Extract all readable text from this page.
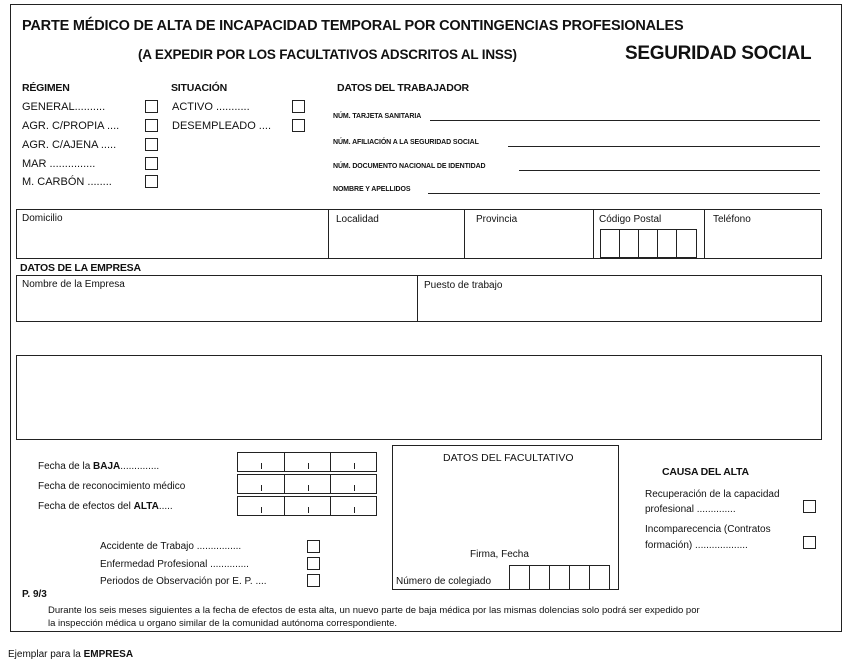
PARTE MÉDICO DE ALTA DE INCAPACIDAD TEMPORAL POR CONTINGENCIAS PROFESIONALES
(A EXPEDIR POR LOS FACULTATIVOS ADSCRITOS AL INSS)	SEGURIDAD SOCIAL
RÉGIMEN
GENERAL..........
AGR. C/PROPIA ....
AGR. C/AJENA .....
MAR ...............
M. CARBÓN ........
SITUACIÓN
ACTIVO ...........
DESEMPLEADO ....
DATOS DEL TRABAJADOR
NÚM. TARJETA SANITARIA
NÚM. AFILIACIÓN A LA SEGURIDAD SOCIAL
NÚM. DOCUMENTO NACIONAL DE IDENTIDAD
NOMBRE Y APELLIDOS
Domicilio	Localidad	Provincia	Código Postal	Teléfono
DATOS DE LA EMPRESA
Nombre de la Empresa	Puesto de trabajo
Fecha de la BAJA..............
Fecha de reconocimiento médico
Fecha de efectos del ALTA.....
Accidente de Trabajo ................
Enfermedad Profesional ..............
Periodos de Observación por E. P. ....
DATOS DEL FACULTATIVO
Firma, Fecha
Número de colegiado
CAUSA DEL ALTA
Recuperación de la capacidad
profesional ..............
Incomparecencia (Contratos
formación) ...................
P. 9/3
Durante los seis meses siguientes a la fecha de efectos de esta alta, un nuevo parte de baja médica por las mismas dolencias solo podrá ser expedido por
la inspección médica u organo similar de la comunidad autónoma correspondiente.
Ejemplar para la EMPRESA
